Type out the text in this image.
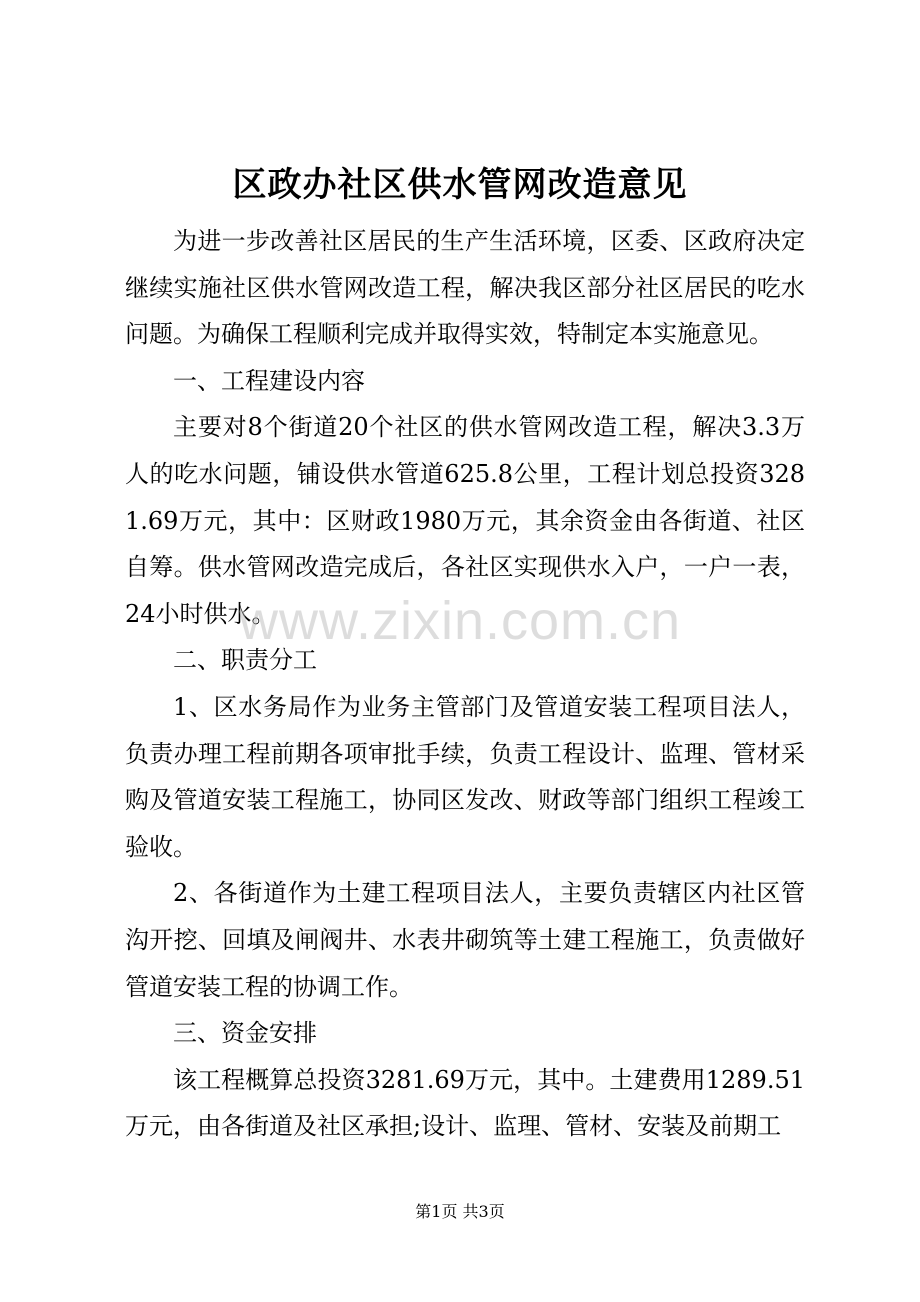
区政办社区供水管网改造意见

为进一步改善社区居民的生产生活环境，区委、区政府决定继续实施社区供水管网改造工程，解决我区部分社区居民的吃水问题。为确保工程顺利完成并取得实效，特制定本实施意见。

一、工程建设内容

主要对8个街道20个社区的供水管网改造工程，解决3.3万人的吃水问题，铺设供水管道625.8公里，工程计划总投资3281.69万元，其中：区财政1980万元，其余资金由各街道、社区自筹。供水管网改造完成后，各社区实现供水入户，一户一表，24小时供水。

二、职责分工

1、区水务局作为业务主管部门及管道安装工程项目法人，负责办理工程前期各项审批手续，负责工程设计、监理、管材采购及管道安装工程施工，协同区发改、财政等部门组织工程竣工验收。

2、各街道作为土建工程项目法人，主要负责辖区内社区管沟开挖、回填及闸阀井、水表井砌筑等土建工程施工，负责做好管道安装工程的协调工作。

三、资金安排

该工程概算总投资3281.69万元，其中。土建费用1289.51万元，由各街道及社区承担;设计、监理、管材、安装及前期工

www.zixin.com.cn
第1页 共3页
